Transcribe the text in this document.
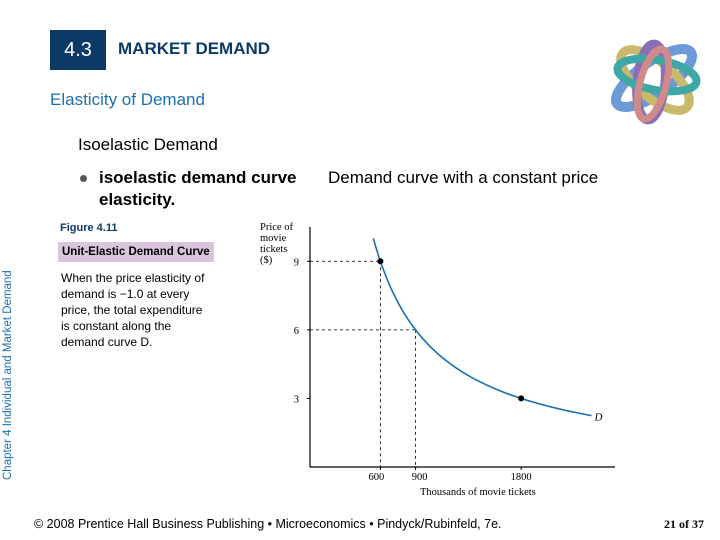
4.3 MARKET DEMAND
Elasticity of Demand
Isoelastic Demand
isoelastic demand curve
elasticity.
Demand curve with a constant price
Chapter 4 Individual and Market Demand
Figure 4.11
Unit-Elastic Demand Curve
When the price elasticity of demand is −1.0 at every price, the total expenditure is constant along the demand curve D.
Price of
movie
tickets
($)
Thousands of movie tickets
9
6
3
600	900	1800
D
© 2008 Prentice Hall Business Publishing • Microeconomics • Pindyck/Rubinfeld, 7e.	21 of 37
